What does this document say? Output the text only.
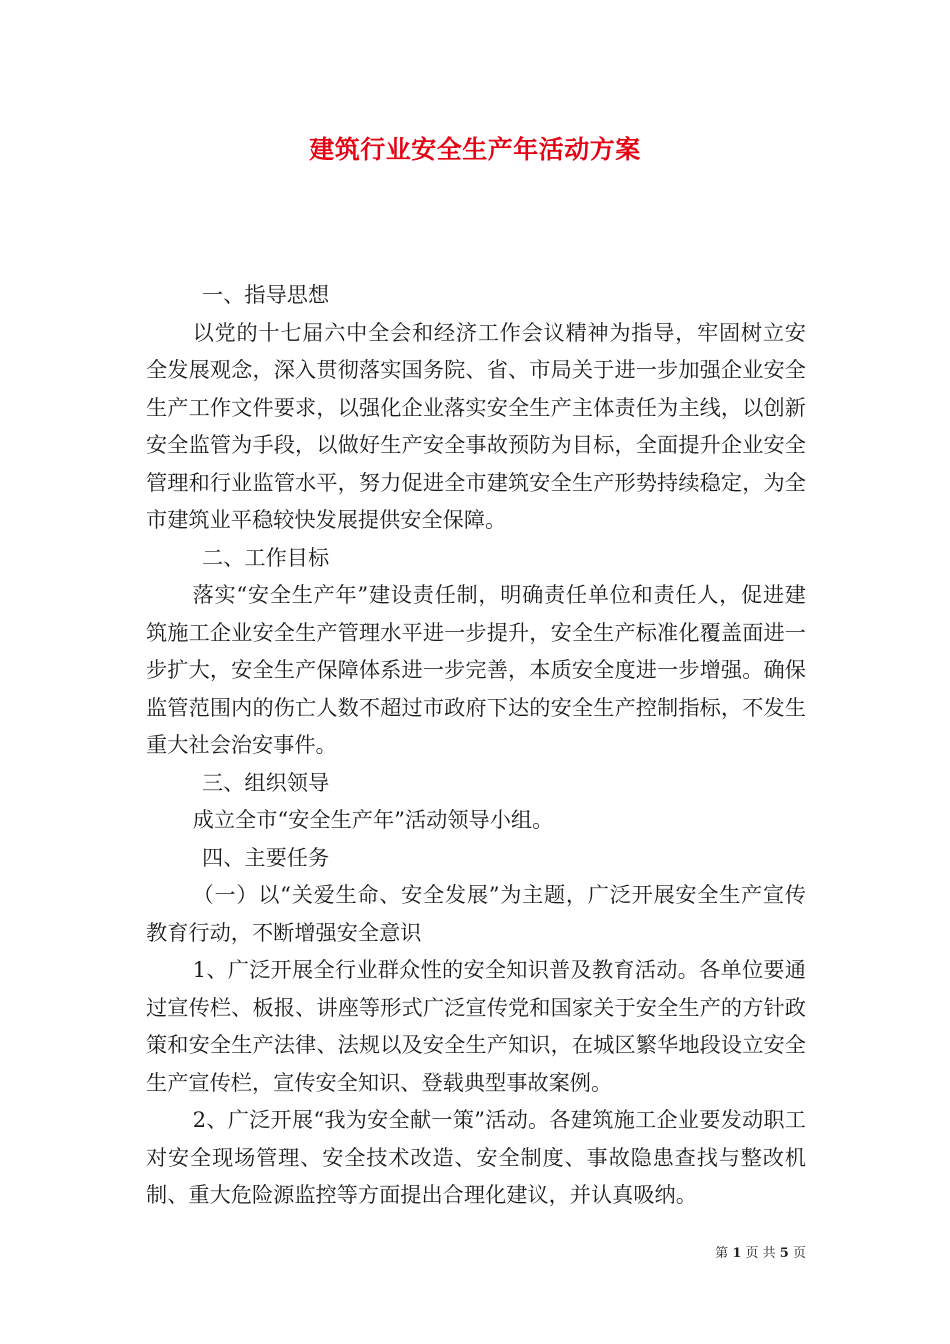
建筑行业安全生产年活动方案
一、指导思想
以党的十七届六中全会和经济工作会议精神为指导，牢固树立安全发展观念，深入贯彻落实国务院、省、市局关于进一步加强企业安全生产工作文件要求，以强化企业落实安全生产主体责任为主线，以创新安全监管为手段，以做好生产安全事故预防为目标，全面提升企业安全管理和行业监管水平，努力促进全市建筑安全生产形势持续稳定，为全市建筑业平稳较快发展提供安全保障。
二、工作目标
落实“安全生产年”建设责任制，明确责任单位和责任人，促进建筑施工企业安全生产管理水平进一步提升，安全生产标准化覆盖面进一步扩大，安全生产保障体系进一步完善，本质安全度进一步增强。确保监管范围内的伤亡人数不超过市政府下达的安全生产控制指标，不发生重大社会治安事件。
三、组织领导
成立全市“安全生产年”活动领导小组。
四、主要任务
（一）以“关爱生命、安全发展”为主题，广泛开展安全生产宣传教育行动，不断增强安全意识
1、广泛开展全行业群众性的安全知识普及教育活动。各单位要通过宣传栏、板报、讲座等形式广泛宣传党和国家关于安全生产的方针政策和安全生产法律、法规以及安全生产知识，在城区繁华地段设立安全生产宣传栏，宣传安全知识、登载典型事故案例。
2、广泛开展“我为安全献一策”活动。各建筑施工企业要发动职工对安全现场管理、安全技术改造、安全制度、事故隐患查找与整改机制、重大危险源监控等方面提出合理化建议，并认真吸纳。
第 1 页 共 5 页
